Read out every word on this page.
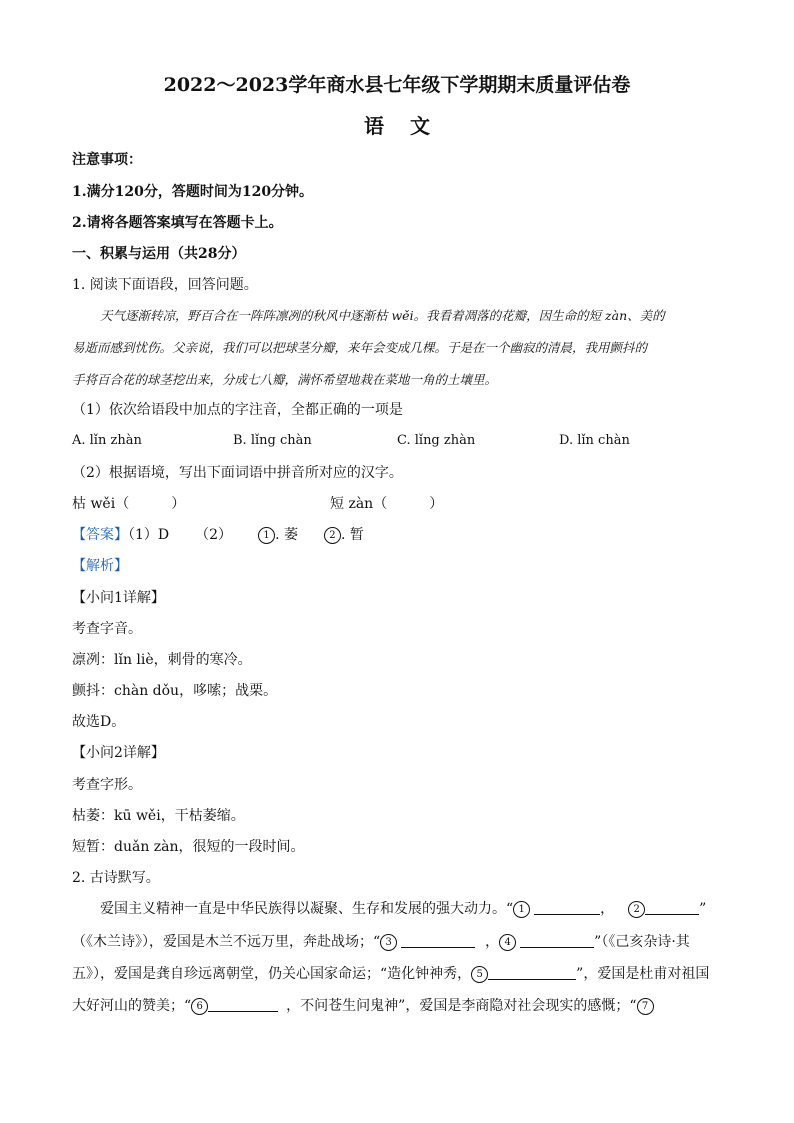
2022～2023学年商水县七年级下学期期末质量评估卷
语文
注意事项：
1.满分120分，答题时间为120分钟。
2.请将各题答案填写在答题卡上。
一、积累与运用（共28分）
1. 阅读下面语段，回答问题。
天气逐渐转凉，野百合在一阵阵凛冽的秋风中逐渐枯 wěi。我看着凋落的花瓣，因生命的短 zàn、美的
易逝而感到忧伤。父亲说，我们可以把球茎分瓣，来年会变成几棵。于是在一个幽寂的清晨，我用颤抖的
手将百合花的球茎挖出来，分成七八瓣，满怀希望地栽在菜地一角的土壤里。
（1）依次给语段中加点的字注音，全都正确的一项是
A. lǐn zhàn	B. lǐng chàn	C. lǐng zhàn	D. lǐn chàn
（2）根据语境，写出下面词语中拼音所对应的汉字。
枯 wěi（　　　）	短 zàn（　　　）
【答案】（1）D （2）	1 . 萎	2 . 暂
【解析】
【小问1详解】
考查字音。
凛冽：lǐn liè，刺骨的寒冷。
颤抖：chàn dǒu，哆嗦；战栗。
故选D。
【小问2详解】
考查字形。
枯萎：kū wěi，干枯萎缩。
短暂：duǎn zàn，很短的一段时间。
2. 古诗默写。
爱国主义精神一直是中华民族得以凝聚、生存和发展的强大动力。“ 1	， 2	”
（《木兰诗》），爱国是木兰不远万里，奔赴战场；“ 3	， 4	”（《己亥杂诗·其
五》），爱国是龚自珍远离朝堂，仍关心国家命运；“造化钟神秀， 5	”，爱国是杜甫对祖国
大好河山的赞美；“ 6	，不问苍生问鬼神”，爱国是李商隐对社会现实的感慨；“ 7
